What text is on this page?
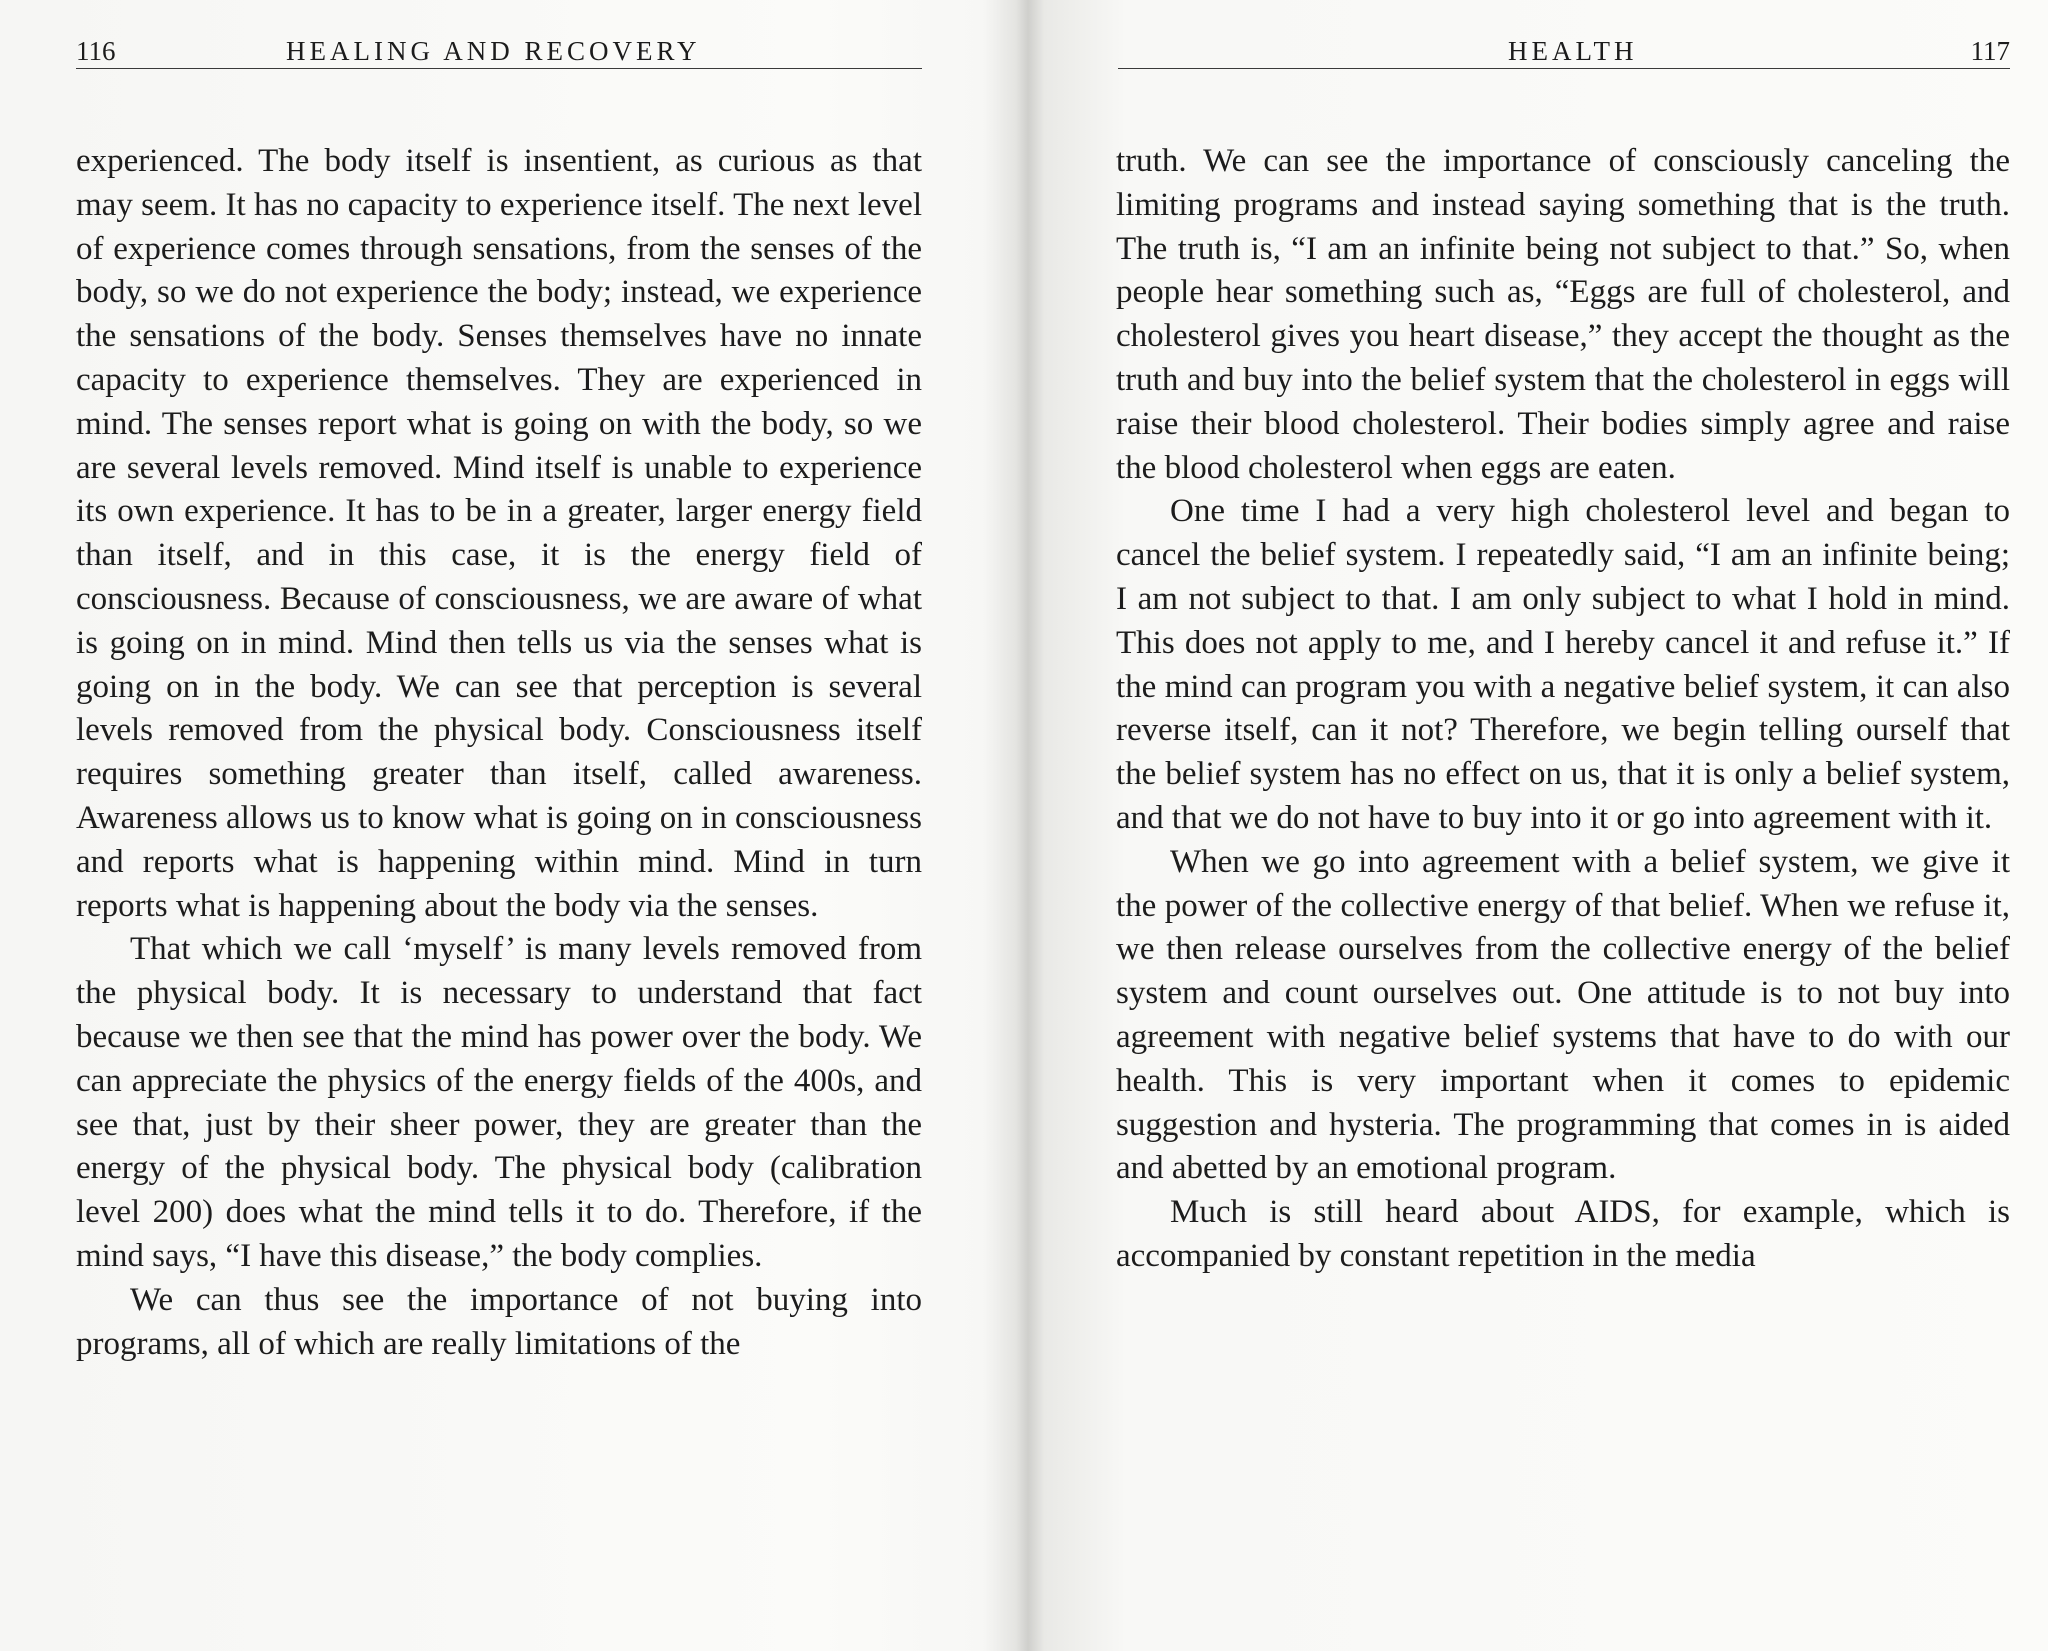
116	HEALING AND RECOVERY

experienced. The body itself is insentient, as curious as that may seem. It has no capacity to experience itself. The next level of experience comes through sensations, from the senses of the body, so we do not experience the body; instead, we experience the sensations of the body. Senses themselves have no innate capacity to experience themselves. They are experienced in mind. The senses report what is going on with the body, so we are several levels removed. Mind itself is unable to experience its own experience. It has to be in a greater, larger energy field than itself, and in this case, it is the energy field of consciousness. Because of consciousness, we are aware of what is going on in mind. Mind then tells us via the senses what is going on in the body. We can see that perception is several levels removed from the physical body. Consciousness itself requires something greater than itself, called awareness. Awareness allows us to know what is going on in consciousness and reports what is happening within mind. Mind in turn reports what is happening about the body via the senses.

That which we call ‘myself’ is many levels removed from the physical body. It is necessary to understand that fact because we then see that the mind has power over the body. We can appreciate the physics of the energy fields of the 400s, and see that, just by their sheer power, they are greater than the energy of the physical body. The physical body (calibration level 200) does what the mind tells it to do. Therefore, if the mind says, “I have this disease,” the body complies.

We can thus see the importance of not buying into programs, all of which are really limitations of the

HEALTH	117

truth. We can see the importance of consciously canceling the limiting programs and instead saying something that is the truth. The truth is, “I am an infinite being not subject to that.” So, when people hear something such as, “Eggs are full of cholesterol, and cholesterol gives you heart disease,” they accept the thought as the truth and buy into the belief system that the cholesterol in eggs will raise their blood cholesterol. Their bodies simply agree and raise the blood cholesterol when eggs are eaten.

One time I had a very high cholesterol level and began to cancel the belief system. I repeatedly said, “I am an infinite being; I am not subject to that. I am only subject to what I hold in mind. This does not apply to me, and I hereby cancel it and refuse it.” If the mind can program you with a negative belief system, it can also reverse itself, can it not? Therefore, we begin telling ourself that the belief system has no effect on us, that it is only a belief system, and that we do not have to buy into it or go into agreement with it.

When we go into agreement with a belief system, we give it the power of the collective energy of that belief. When we refuse it, we then release ourselves from the collective energy of the belief system and count ourselves out. One attitude is to not buy into agreement with negative belief systems that have to do with our health. This is very important when it comes to epidemic suggestion and hysteria. The programming that comes in is aided and abetted by an emotional program.

Much is still heard about AIDS, for example, which is accompanied by constant repetition in the media
